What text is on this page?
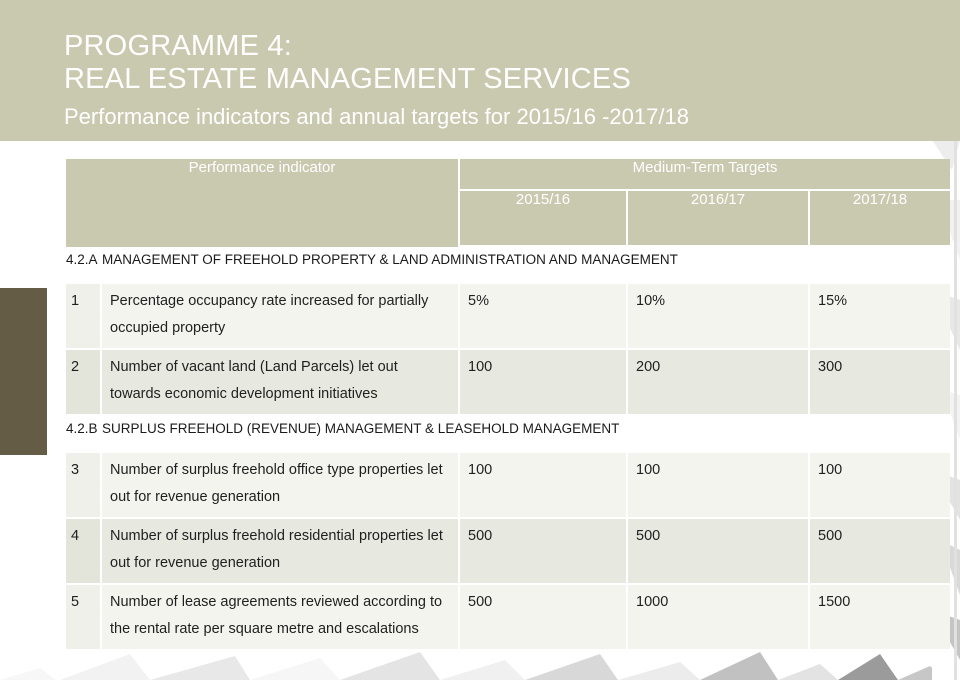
PROGRAMME 4:
REAL ESTATE MANAGEMENT SERVICES
Performance indicators and annual targets for 2015/16 -2017/18
Performance indicator		Medium-Term Targets		
		2015/16	2016/17	2017/18
4.2.A	MANAGEMENT OF FREEHOLD PROPERTY & LAND ADMINISTRATION AND MANAGEMENT			
1	Percentage occupancy rate increased for partially occupied property	5%	10%	15%
2	Number of vacant land (Land Parcels) let out towards economic development initiatives	100	200	300
4.2.B	SURPLUS FREEHOLD (REVENUE) MANAGEMENT & LEASEHOLD MANAGEMENT			
3	Number of surplus freehold office type properties let out for revenue generation	100	100	100
4	Number of surplus freehold residential properties let out for revenue generation	500	500	500
5	Number of lease agreements reviewed according to the rental rate per square metre and escalations	500	1000	1500
